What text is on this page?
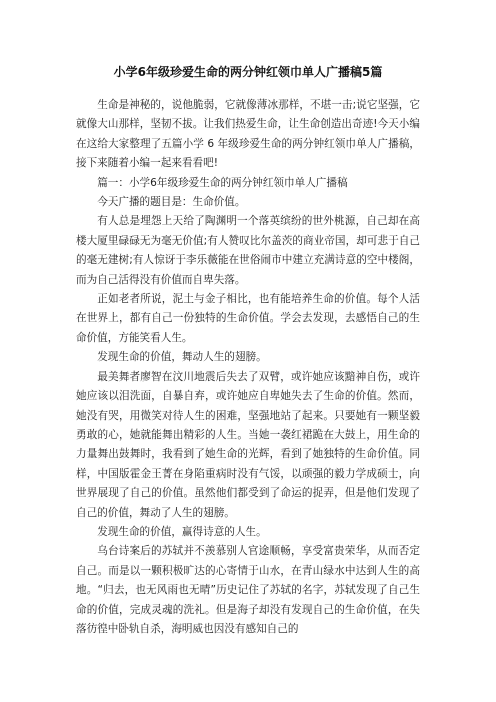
小学6年级珍爱生命的两分钟红领巾单人广播稿5篇

生命是神秘的，说他脆弱，它就像薄冰那样，不堪一击;说它坚强，它就像大山那样，坚韧不拔。让我们热爱生命，让生命创造出奇迹!今天小编在这给大家整理了五篇小学 6 年级珍爱生命的两分钟红领巾单人广播稿，接下来随着小编一起来看看吧!

篇一：小学6年级珍爱生命的两分钟红领巾单人广播稿

今天广播的题目是：生命价值。

有人总是埋怨上天给了陶渊明一个落英缤纷的世外桃源，自己却在高楼大厦里碌碌无为毫无价值;有人赞叹比尔盖茨的商业帝国，却可悲于自己的毫无建树;有人惊讶于李乐薇能在世俗闹市中建立充满诗意的空中楼阁，而为自己活得没有价值而自卑失落。

正如老者所说，泥土与金子相比，也有能培养生命的价值。每个人活在世界上，都有自己一份独特的生命价值。学会去发现，去感悟自己的生命价值，方能笑看人生。

发现生命的价值，舞动人生的翅膀。

最美舞者廖智在汶川地震后失去了双臂，或许她应该黯神自伤，或许她应该以泪洗面，自暴自弃，或许她应自卑她失去了生命的价值。然而，她没有哭，用微笑对待人生的困难，坚强地站了起来。只要她有一颗坚毅勇敢的心，她就能舞出精彩的人生。当她一袭红裙跪在大鼓上，用生命的力量舞出鼓舞时，我看到了她生命的光辉，看到了她独特的生命价值。同样，中国版霍金王菁在身陷重病时没有气馁，以顽强的毅力学成硕士，向世界展现了自己的价值。虽然他们都受到了命运的捉弄，但是他们发现了自己的价值，舞动了人生的翅膀。

发现生命的价值，赢得诗意的人生。

乌台诗案后的苏轼并不羡慕别人官途顺畅，享受富贵荣华，从而否定自己。而是以一颗积极旷达的心寄情于山水，在青山绿水中达到人生的高地。“归去，也无风雨也无晴”历史记住了苏轼的名字，苏轼发现了自己生命的价值，完成灵魂的洗礼。但是海子却没有发现自己的生命价值，在失落彷徨中卧轨自杀，海明威也因没有感知自己的
